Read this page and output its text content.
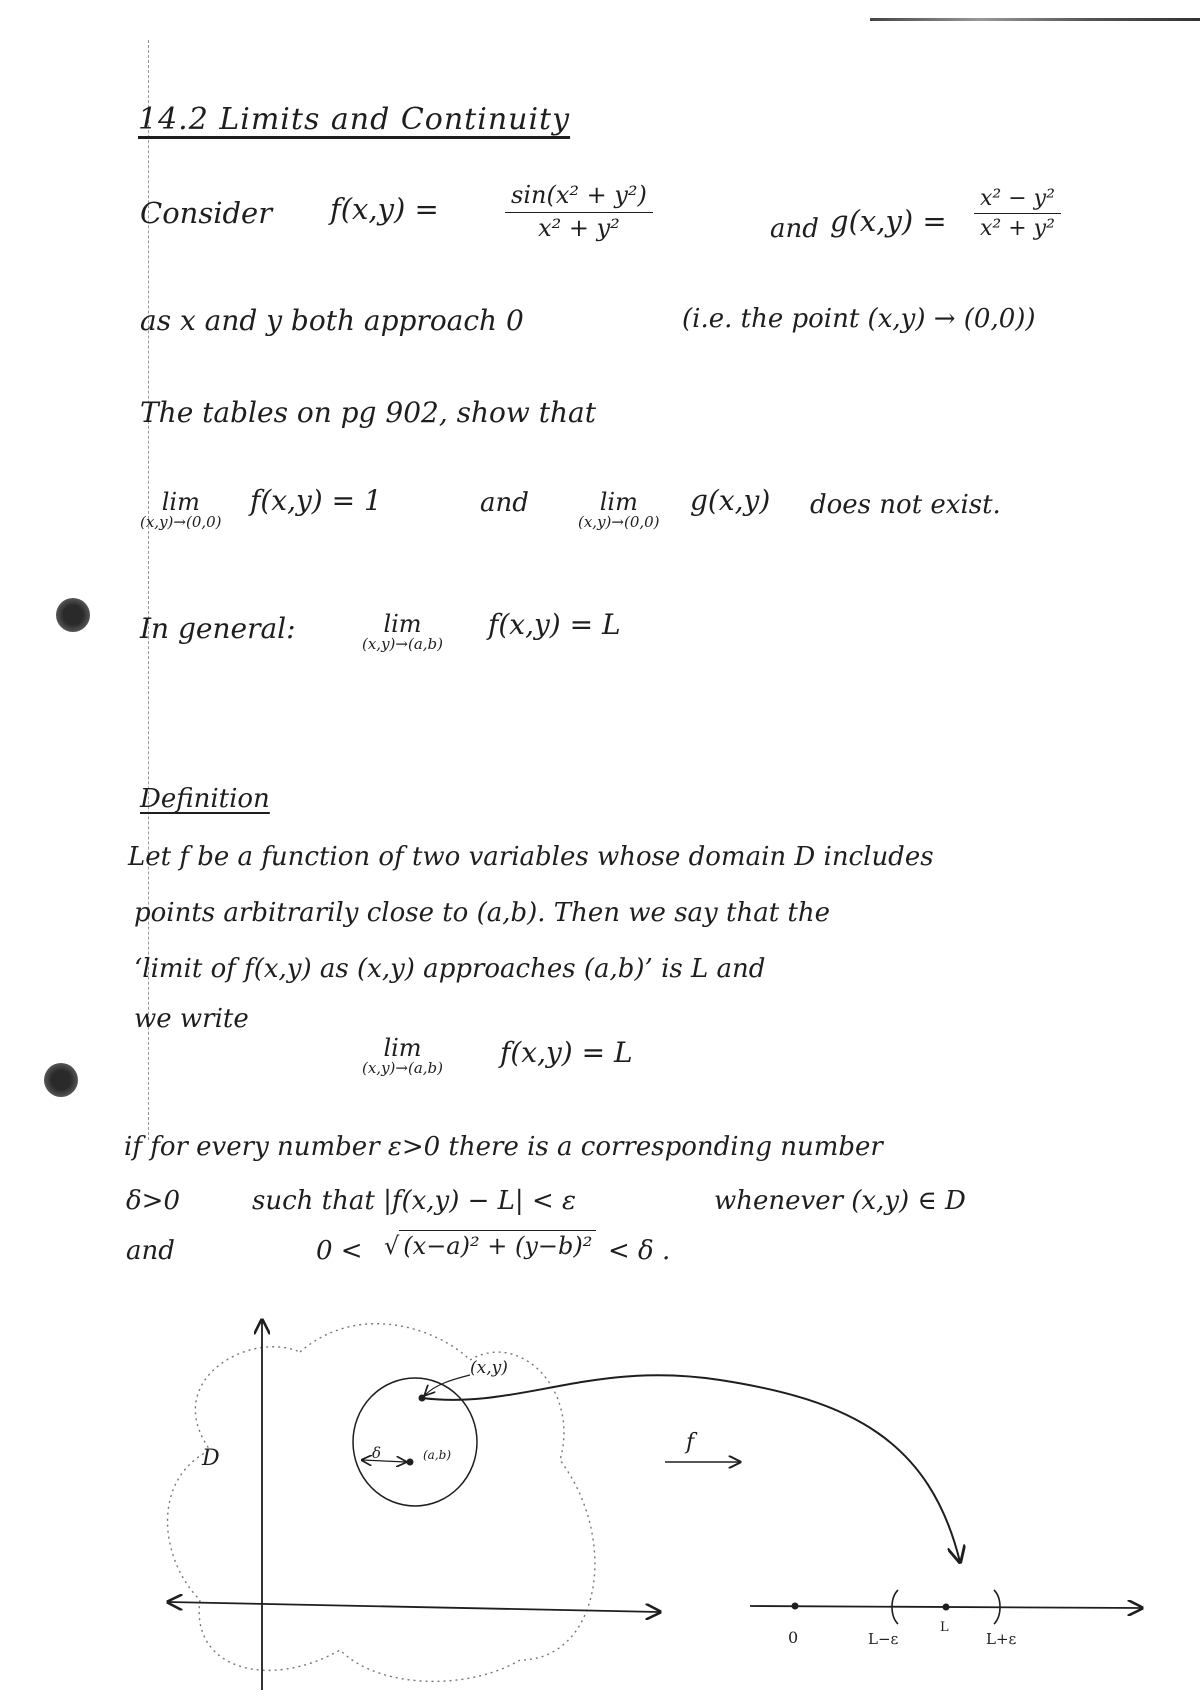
14.2 Limits and Continuity
Consider f(x,y) =	$\frac{\text{sin(x² + y²)}}{\text{x² + y²}}$	and $g(x,y) = \frac{\text{x² − y²}}{\text{x² + y²}}$
as x and y both approach 0	(i.e. the point (x,y) → (0,0))
The tables on pg 902, show that
lim
(x,y)→(0,0)
f(x,y) = 1	and	lim
(x,y)→(0,0)
g(x,y) does not exist.
In general:	lim
(x,y)→(a,b)
f(x,y) = L
Definition
Let f be a function of two variables whose domain D includes
points arbitrarily close to (a,b). Then we say that the
‘limit of f(x,y) as (x,y) approaches (a,b)’ is L and
we write
lim
(x,y)→(a,b) f(x,y) = L
if for every number ε>0 there is a corresponding number
δ>0	such that |f(x,y) − L| < ε	whenever (x,y) ∈ D
and	0 < √ (x−a)² + (y−b)² < δ .
D
(x,y)
(a,b)
δ	f
0	L−ε
L
L+ε
